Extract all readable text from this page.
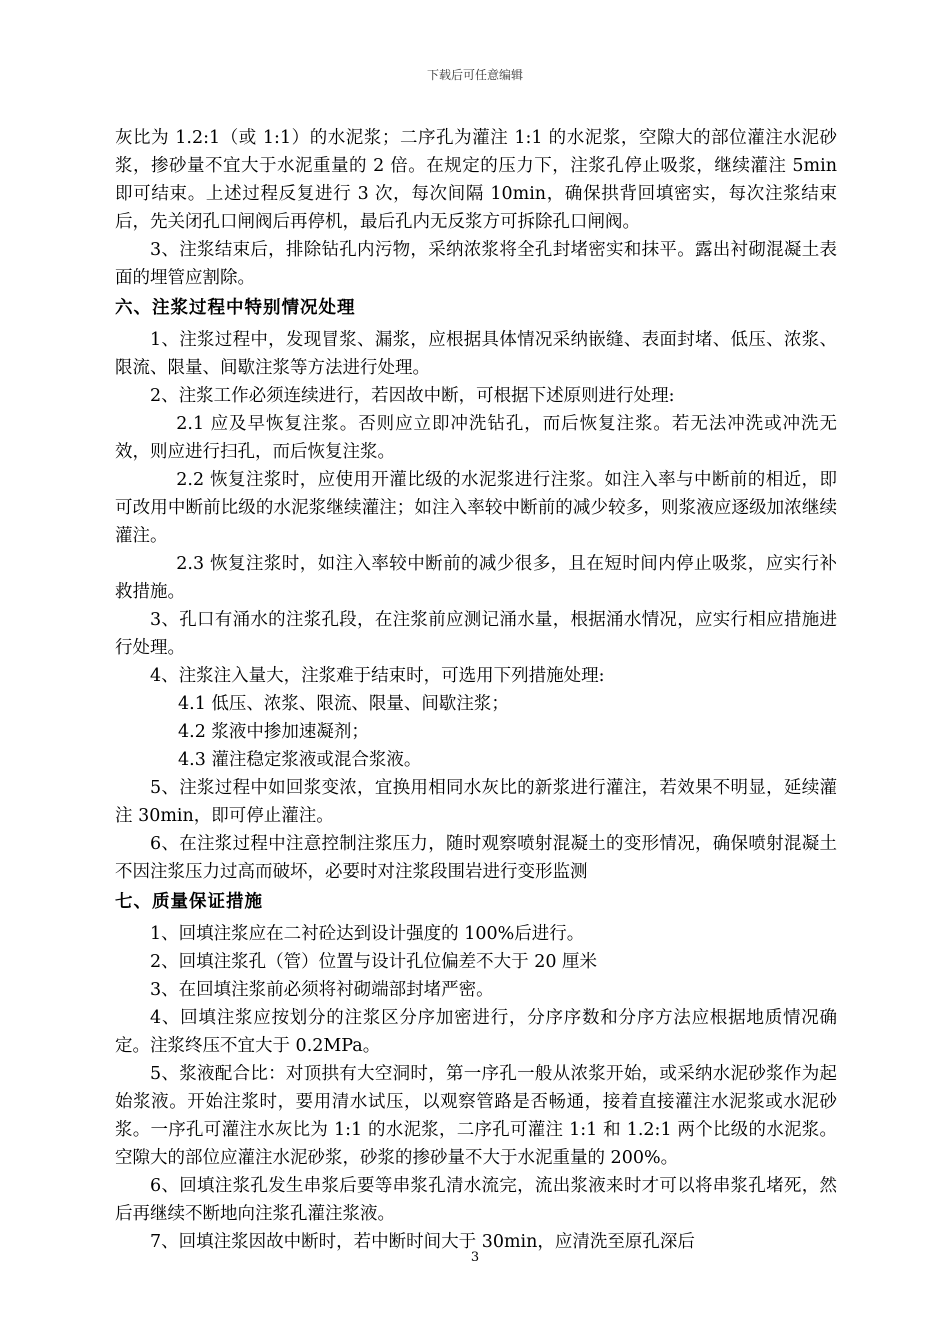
下载后可任意编辑

灰比为 1.2:1（或 1:1）的水泥浆；二序孔为灌注 1:1 的水泥浆，空隙大的部位灌注水泥砂浆，掺砂量不宜大于水泥重量的 2 倍。在规定的压力下，注浆孔停止吸浆，继续灌注 5min 即可结束。上述过程反复进行 3 次，每次间隔 10min，确保拱背回填密实，每次注浆结束后，先关闭孔口闸阀后再停机，最后孔内无反浆方可拆除孔口闸阀。

3、注浆结束后，排除钻孔内污物，采纳浓浆将全孔封堵密实和抹平。露出衬砌混凝土表面的埋管应割除。

六、注浆过程中特别情况处理

1、注浆过程中，发现冒浆、漏浆，应根据具体情况采纳嵌缝、表面封堵、低压、浓浆、限流、限量、间歇注浆等方法进行处理。

2、注浆工作必须连续进行，若因故中断，可根据下述原则进行处理:

2.1 应及早恢复注浆。否则应立即冲洗钻孔，而后恢复注浆。若无法冲洗或冲洗无效，则应进行扫孔，而后恢复注浆。

2.2 恢复注浆时，应使用开灌比级的水泥浆进行注浆。如注入率与中断前的相近，即可改用中断前比级的水泥浆继续灌注；如注入率较中断前的减少较多，则浆液应逐级加浓继续灌注。

2.3 恢复注浆时，如注入率较中断前的减少很多，且在短时间内停止吸浆，应实行补救措施。

3、孔口有涌水的注浆孔段，在注浆前应测记涌水量，根据涌水情况，应实行相应措施进行处理。

4、注浆注入量大，注浆难于结束时，可选用下列措施处理:

4.1 低压、浓浆、限流、限量、间歇注浆；

4.2 浆液中掺加速凝剂；

4.3 灌注稳定浆液或混合浆液。

5、注浆过程中如回浆变浓，宜换用相同水灰比的新浆进行灌注，若效果不明显，延续灌注 30min，即可停止灌注。

6、在注浆过程中注意控制注浆压力，随时观察喷射混凝土的变形情况，确保喷射混凝土不因注浆压力过高而破坏，必要时对注浆段围岩进行变形监测

七、质量保证措施

1、回填注浆应在二衬砼达到设计强度的 100%后进行。

2、回填注浆孔（管）位置与设计孔位偏差不大于 20 厘米

3、在回填注浆前必须将衬砌端部封堵严密。

4、回填注浆应按划分的注浆区分序加密进行，分序序数和分序方法应根据地质情况确定。注浆终压不宜大于 0.2MPa。

5、浆液配合比：对顶拱有大空洞时，第一序孔一般从浓浆开始，或采纳水泥砂浆作为起始浆液。开始注浆时，要用清水试压，以观察管路是否畅通，接着直接灌注水泥浆或水泥砂浆。一序孔可灌注水灰比为 1:1 的水泥浆，二序孔可灌注 1:1 和 1.2:1 两个比级的水泥浆。空隙大的部位应灌注水泥砂浆，砂浆的掺砂量不大于水泥重量的 200%。

6、回填注浆孔发生串浆后要等串浆孔清水流完，流出浆液来时才可以将串浆孔堵死，然后再继续不断地向注浆孔灌注浆液。

7、回填注浆因故中断时，若中断时间大于 30min，应清洗至原孔深后

3
